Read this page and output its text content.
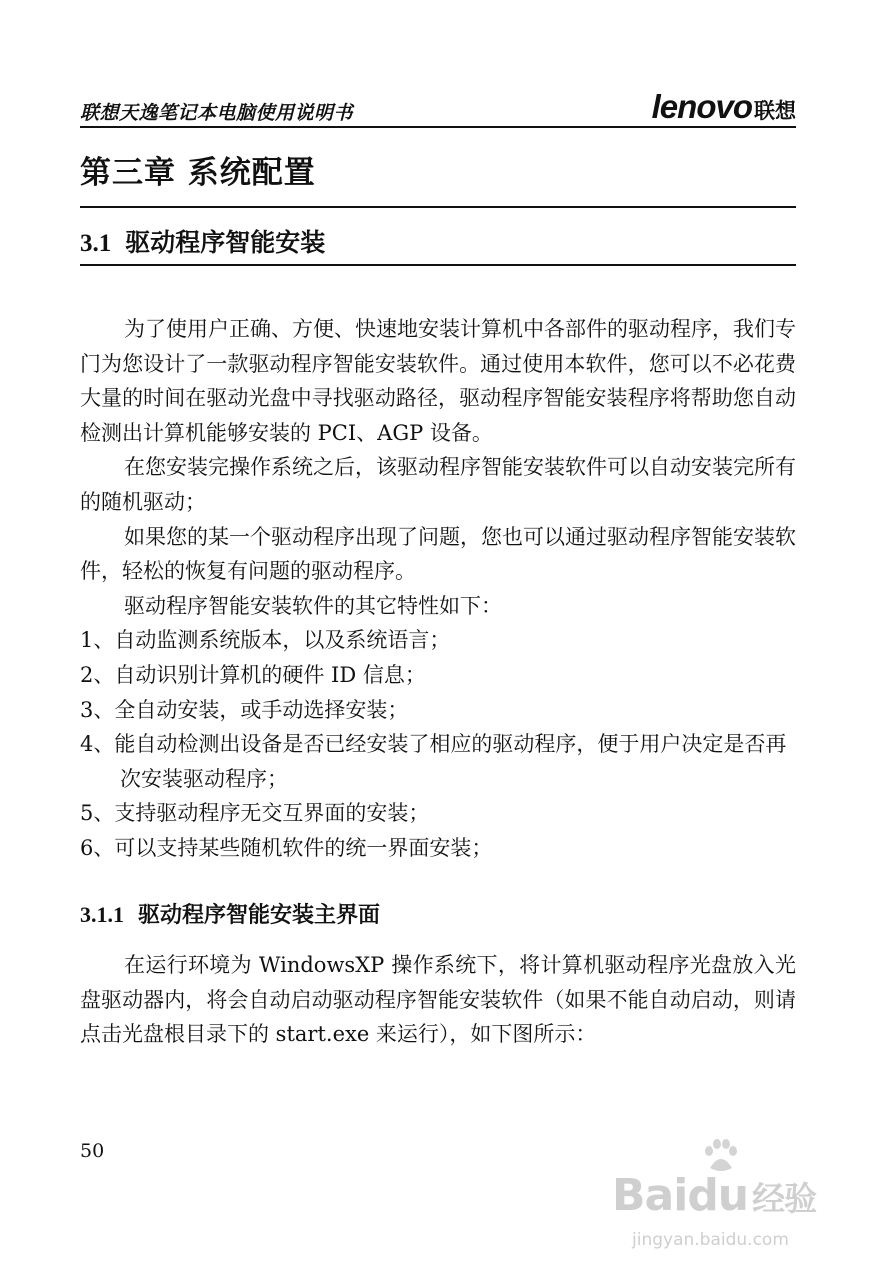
联想天逸笔记本电脑使用说明书	lenovo联想
第三章 系统配置
3.1 驱动程序智能安装

为了使用户正确、方便、快速地安装计算机中各部件的驱动程序，我们专门为您设计了一款驱动程序智能安装软件。通过使用本软件，您可以不必花费大量的时间在驱动光盘中寻找驱动路径，驱动程序智能安装程序将帮助您自动检测出计算机能够安装的 PCI、AGP 设备。

在您安装完操作系统之后，该驱动程序智能安装软件可以自动安装完所有的随机驱动；

如果您的某一个驱动程序出现了问题，您也可以通过驱动程序智能安装软件，轻松的恢复有问题的驱动程序。

驱动程序智能安装软件的其它特性如下：

1、自动监测系统版本，以及系统语言；
2、自动识别计算机的硬件 ID 信息；
3、全自动安装，或手动选择安装；
4、能自动检测出设备是否已经安装了相应的驱动程序，便于用户决定是否再次安装驱动程序；
5、支持驱动程序无交互界面的安装；
6、可以支持某些随机软件的统一界面安装；
3.1.1 驱动程序智能安装主界面

在运行环境为 WindowsXP 操作系统下，将计算机驱动程序光盘放入光盘驱动器内，将会自动启动驱动程序智能安装软件（如果不能自动启动，则请点击光盘根目录下的 start.exe 来运行），如下图所示：

50
Baidu 经验
jingyan.baidu.com
